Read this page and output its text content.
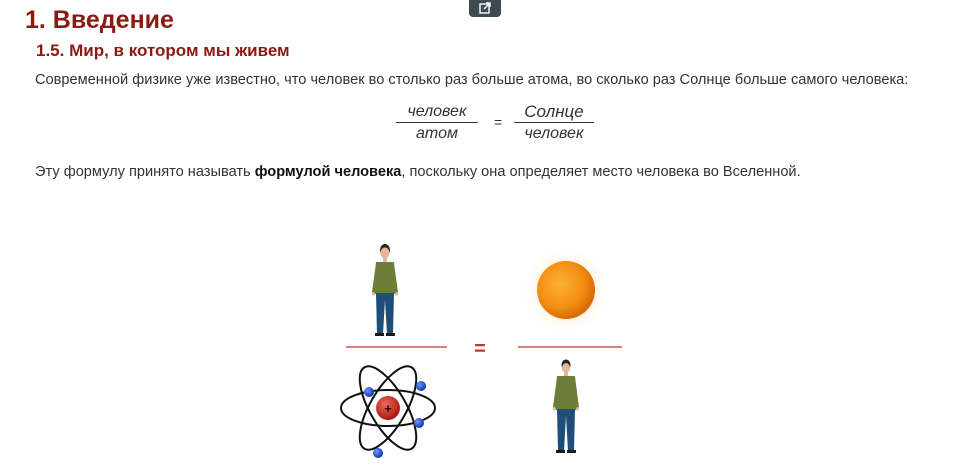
1. Введение
1.5. Мир, в котором мы живем

Современной физике уже известно, что человек во столько раз больше атома, во сколько раз Солнце больше самого человека:

человек
атом
=
Солнце
человек

Эту формулу принято называть формулой человека, поскольку она определяет место человека во Вселенной.

+
=
